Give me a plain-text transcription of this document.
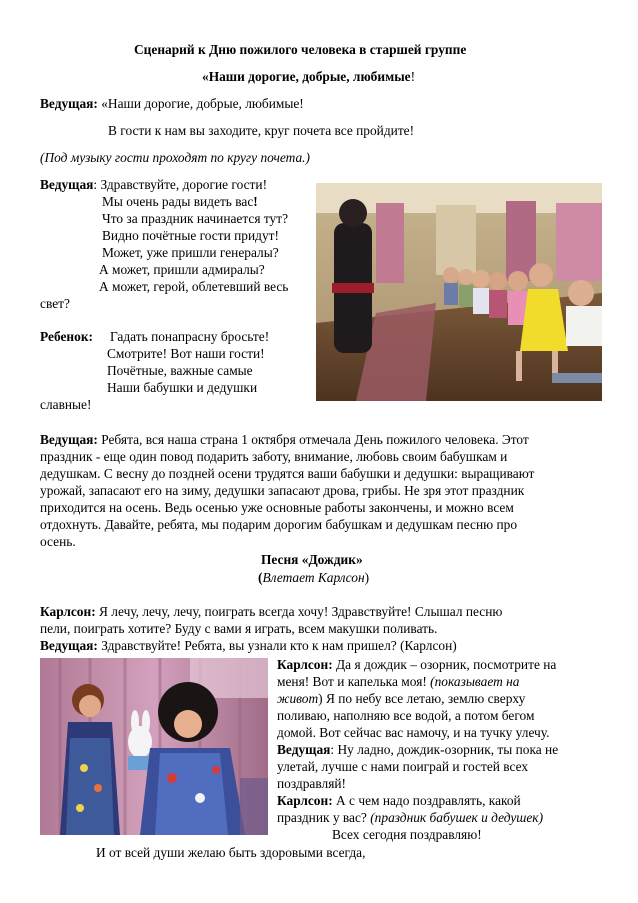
Сценарий к Дню пожилого человека в старшей группе
«Наши дорогие, добрые, любимые!
Ведущая: «Наши дорогие, добрые, любимые!
В гости к нам вы заходите, круг почета все пройдите!
(Под музыку гости проходят по кругу почета.)
Ведущая: Здравствуйте, дорогие гости!
Мы очень рады видеть вас!
Что за праздник начинается тут?
Видно почётные гости придут!
Может, уже пришли генералы?
А может, пришли адмиралы?
А может, герой, облетевший весь
свет?
Ребенок: Гадать понапрасну бросьте!
Смотрите! Вот наши гости!
Почётные, важные самые
Наши бабушки и дедушки
славные!
Ведущая: Ребята, вся наша страна 1 октября отмечала День пожилого человека. Этот
праздник - еще один повод подарить заботу, внимание, любовь своим бабушкам и
дедушкам. С весну до поздней осени трудятся ваши бабушки и дедушки: выращивают
урожай, запасают его на зиму, дедушки запасают дрова, грибы. Не зря этот праздник
приходится на осень. Ведь осенью уже основные работы закончены, и можно всем
отдохнуть. Давайте, ребята, мы подарим дорогим бабушкам и дедушкам песню про
осень.
Песня «Дождик»
(Влетает Карлсон)
Карлсон: Я лечу, лечу, лечу, поиграть всегда хочу! Здравствуйте! Слышал песню
пели, поиграть хотите? Буду с вами я играть, всем макушки поливать.
Ведущая: Здравствуйте! Ребята, вы узнали кто к нам пришел? (Карлсон)
Карлсон: Да я дождик – озорник, посмотрите на
меня! Вот и капелька моя! (показывает на
живот) Я по небу все летаю, землю сверху
поливаю, наполняю все водой, а потом бегом
домой. Вот сейчас вас намочу, и на тучку улечу.
Ведущая: Ну ладно, дождик-озорник, ты пока не
улетай, лучше с нами поиграй и гостей всех
поздравляй!
Карлсон: А с чем надо поздравлять, какой
праздник у вас? (праздник бабушек и дедушек)
Всех сегодня поздравляю!
И от всей души желаю быть здоровыми всегда,
